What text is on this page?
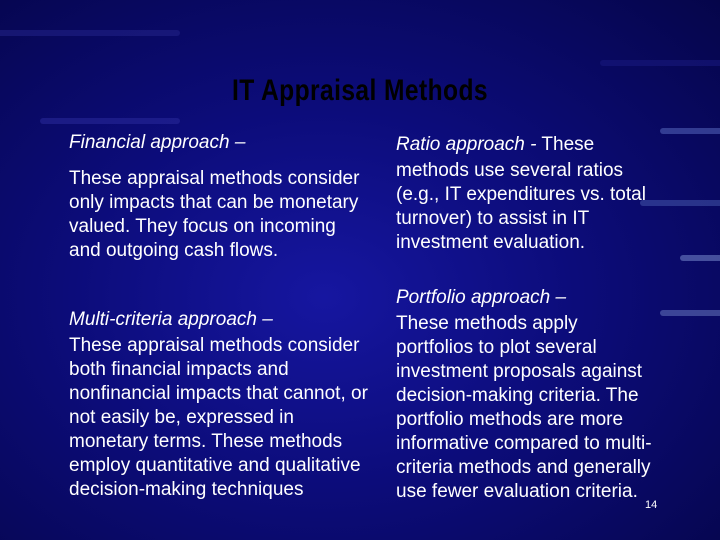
IT Appraisal Methods
Financial approach –
These appraisal methods consider only impacts that can be monetary valued. They focus on incoming and outgoing cash flows.
Ratio approach - These
methods use several ratios (e.g., IT expenditures vs. total turnover) to assist in IT investment evaluation.
Multi-criteria approach –
These appraisal methods consider both financial impacts and nonfinancial impacts that cannot, or not easily be, expressed in monetary terms. These methods employ quantitative and qualitative decision-making techniques
Portfolio approach –
These methods apply portfolios to plot several investment proposals against decision-making criteria. The portfolio methods are more informative compared to multi-criteria methods and generally use fewer evaluation criteria.
14
